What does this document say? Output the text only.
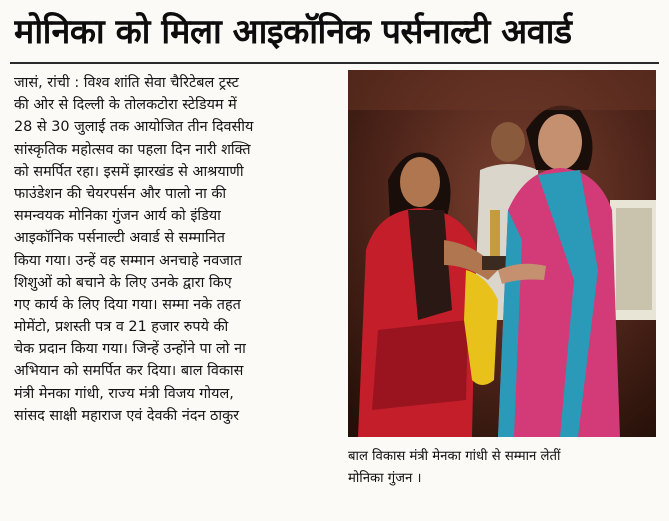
मोनिका को मिला आइकॉनिक पर्सनाल्टी अवार्ड
जासं, रांची : विश्व शांति सेवा चैरिटेबल ट्रस्ट
की ओर से दिल्ली के तोलकटोरा स्टेडियम में
28 से 30 जुलाई तक आयोजित तीन दिवसीय
सांस्कृतिक महोत्सव का पहला दिन नारी शक्ति
को समर्पित रहा। इसमें झारखंड से आश्रयाणी
फाउंडेशन की चेयरपर्सन और पालो ना की
समन्वयक मोनिका गुंजन आर्य को इंडिया
आइकॉनिक पर्सनाल्टी अवार्ड से सम्मानित
किया गया। उन्हें वह सम्मान अनचाहे नवजात
शिशुओं को बचाने के लिए उनके द्वारा किए
गए कार्य के लिए दिया गया। सम्मा नके तहत
मोमेंटो, प्रशस्ती पत्र व 21 हजार रुपये की
चेक प्रदान किया गया। जिन्हें उन्होंने पा लो ना
अभियान को समर्पित कर दिया। बाल विकास
मंत्री मेनका गांधी, राज्य मंत्री विजय गोयल,
सांसद साक्षी महाराज एवं देवकी नंदन ठाकुर
बाल विकास मंत्री मेनका गांधी से सम्मान लेतीं
मोनिका गुंजन ।
